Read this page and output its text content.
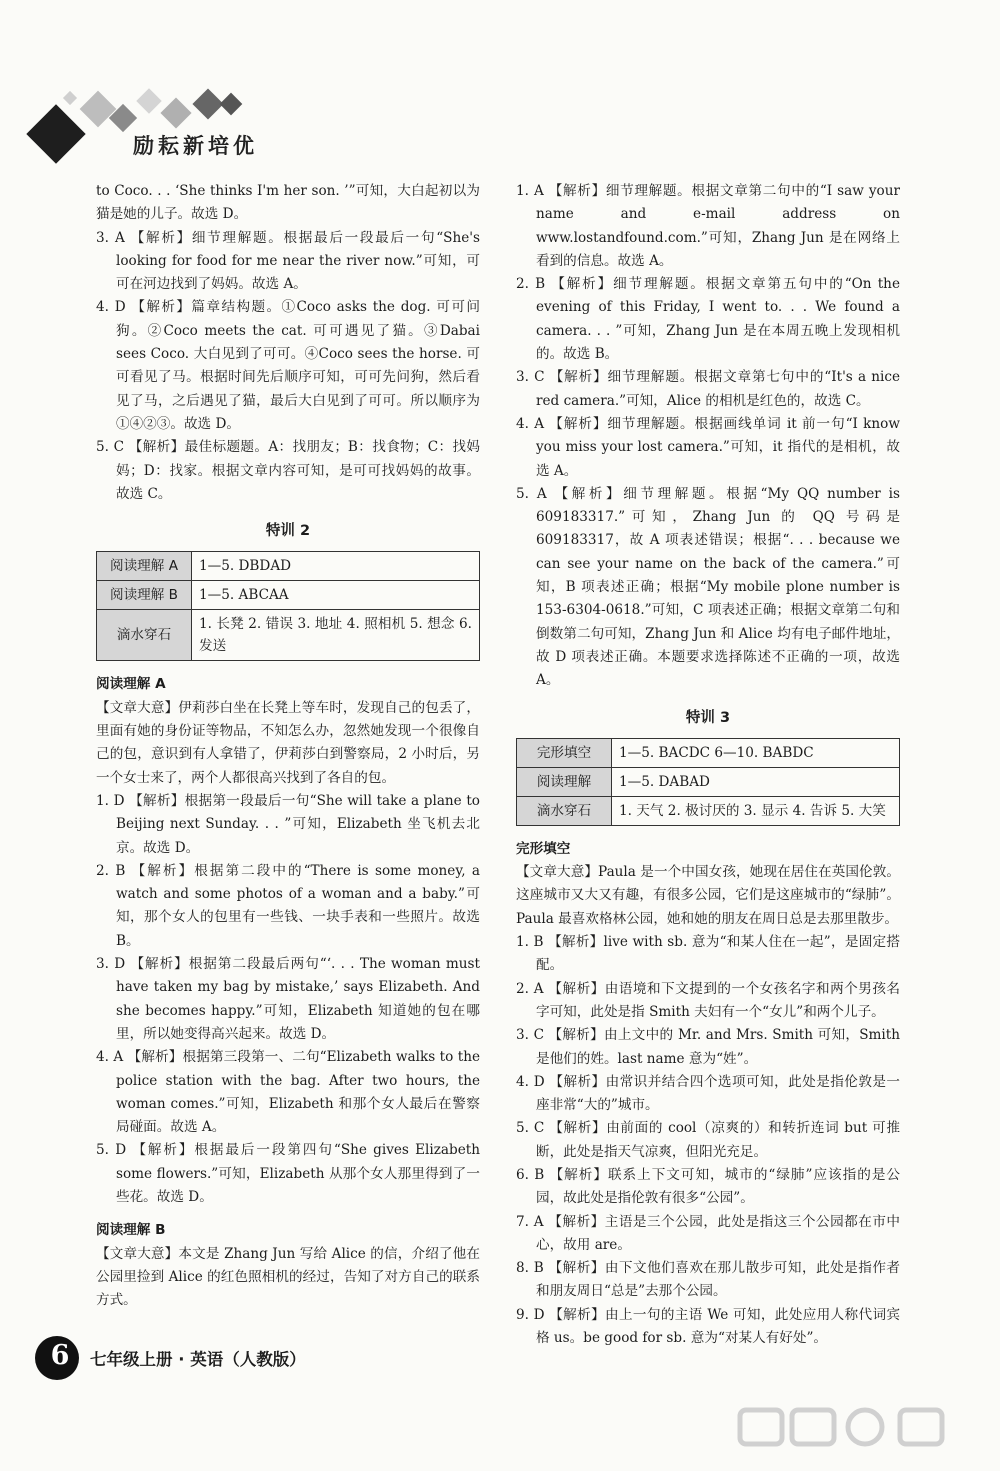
励耘新培优

to Coco. . . ‘She thinks I'm her son. ’”可知，大白起初以为猫是她的儿子。故选 D。

3. A 【解析】细节理解题。根据最后一段最后一句“She's looking for food for me near the river now.”可知，可可在河边找到了妈妈。故选 A。

4. D 【解析】篇章结构题。①Coco asks the dog. 可可问狗。②Coco meets the cat. 可可遇见了猫。③Dabai sees Coco. 大白见到了可可。④Coco sees the horse. 可可看见了马。根据时间先后顺序可知，可可先问狗，然后看见了马，之后遇见了猫，最后大白见到了可可。所以顺序为①④②③。故选 D。

5. C 【解析】最佳标题题。A：找朋友；B：找食物；C：找妈妈；D：找家。根据文章内容可知，是可可找妈妈的故事。故选 C。

特训 2

阅读理解 A	1—5. DBDAD
阅读理解 B	1—5. ABCAA
滴水穿石	1. 长凳 2. 错误 3. 地址 4. 照相机 5. 想念 6. 发送

阅读理解 A

【文章大意】伊莉莎白坐在长凳上等车时，发现自己的包丢了，里面有她的身份证等物品，不知怎么办，忽然她发现一个很像自己的包，意识到有人拿错了，伊莉莎白到警察局，2 小时后，另一个女士来了，两个人都很高兴找到了各自的包。

1. D 【解析】根据第一段最后一句“She will take a plane to Beijing next Sunday. . . ”可知，Elizabeth 坐飞机去北京。故选 D。

2. B 【解析】根据第二段中的“There is some money, a watch and some photos of a woman and a baby.”可知，那个女人的包里有一些钱、一块手表和一些照片。故选 B。

3. D 【解析】根据第二段最后两句“‘. . . The woman must have taken my bag by mistake,’ says Elizabeth. And she becomes happy.”可知，Elizabeth 知道她的包在哪里，所以她变得高兴起来。故选 D。

4. A 【解析】根据第三段第一、二句“Elizabeth walks to the police station with the bag. After two hours, the woman comes.”可知，Elizabeth 和那个女人最后在警察局碰面。故选 A。

5. D 【解析】根据最后一段第四句“She gives Elizabeth some flowers.”可知，Elizabeth 从那个女人那里得到了一些花。故选 D。

阅读理解 B

【文章大意】本文是 Zhang Jun 写给 Alice 的信，介绍了他在公园里捡到 Alice 的红色照相机的经过，告知了对方自己的联系方式。

1. A 【解析】细节理解题。根据文章第二句中的“I saw your name and e-mail address on www.lostandfound.com.”可知，Zhang Jun 是在网络上看到的信息。故选 A。

2. B 【解析】细节理解题。根据文章第五句中的“On the evening of this Friday, I went to. . . We found a camera. . . ”可知，Zhang Jun 是在本周五晚上发现相机的。故选 B。

3. C 【解析】细节理解题。根据文章第七句中的“It's a nice red camera.”可知，Alice 的相机是红色的，故选 C。

4. A 【解析】细节理解题。根据画线单词 it 前一句“I know you miss your lost camera.”可知，it 指代的是相机，故选 A。

5. A 【解析】细节理解题。根据“My QQ number is 609183317.”可知，Zhang Jun 的 QQ 号码是 609183317，故 A 项表述错误；根据“. . . because we can see your name on the back of the camera.”可知，B 项表述正确；根据“My mobile plone number is 153-6304-0618.”可知，C 项表述正确；根据文章第二句和倒数第二句可知，Zhang Jun 和 Alice 均有电子邮件地址，故 D 项表述正确。本题要求选择陈述不正确的一项，故选 A。

特训 3

完形填空	1—5. BACDC 6—10. BABDC
阅读理解	1—5. DABAD
滴水穿石	1. 天气 2. 极讨厌的 3. 显示 4. 告诉 5. 大笑

完形填空

【文章大意】Paula 是一个中国女孩，她现在居住在英国伦敦。这座城市又大又有趣，有很多公园，它们是这座城市的“绿肺”。Paula 最喜欢格林公园，她和她的朋友在周日总是去那里散步。

1. B 【解析】live with sb. 意为“和某人住在一起”，是固定搭配。

2. A 【解析】由语境和下文提到的一个女孩名字和两个男孩名字可知，此处是指 Smith 夫妇有一个“女儿”和两个儿子。

3. C 【解析】由上文中的 Mr. and Mrs. Smith 可知，Smith 是他们的姓。last name 意为“姓”。

4. D 【解析】由常识并结合四个选项可知，此处是指伦敦是一座非常“大的”城市。

5. C 【解析】由前面的 cool（凉爽的）和转折连词 but 可推断，此处是指天气凉爽，但阳光充足。

6. B 【解析】联系上下文可知，城市的“绿肺”应该指的是公园，故此处是指伦敦有很多“公园”。

7. A 【解析】主语是三个公园，此处是指这三个公园都在市中心，故用 are。

8. B 【解析】由下文他们喜欢在那儿散步可知，此处是指作者和朋友周日“总是”去那个公园。

9. D 【解析】由上一句的主语 We 可知，此处应用人称代词宾格 us。be good for sb. 意为“对某人有好处”。

6	七年级上册 · 英语（人教版）
